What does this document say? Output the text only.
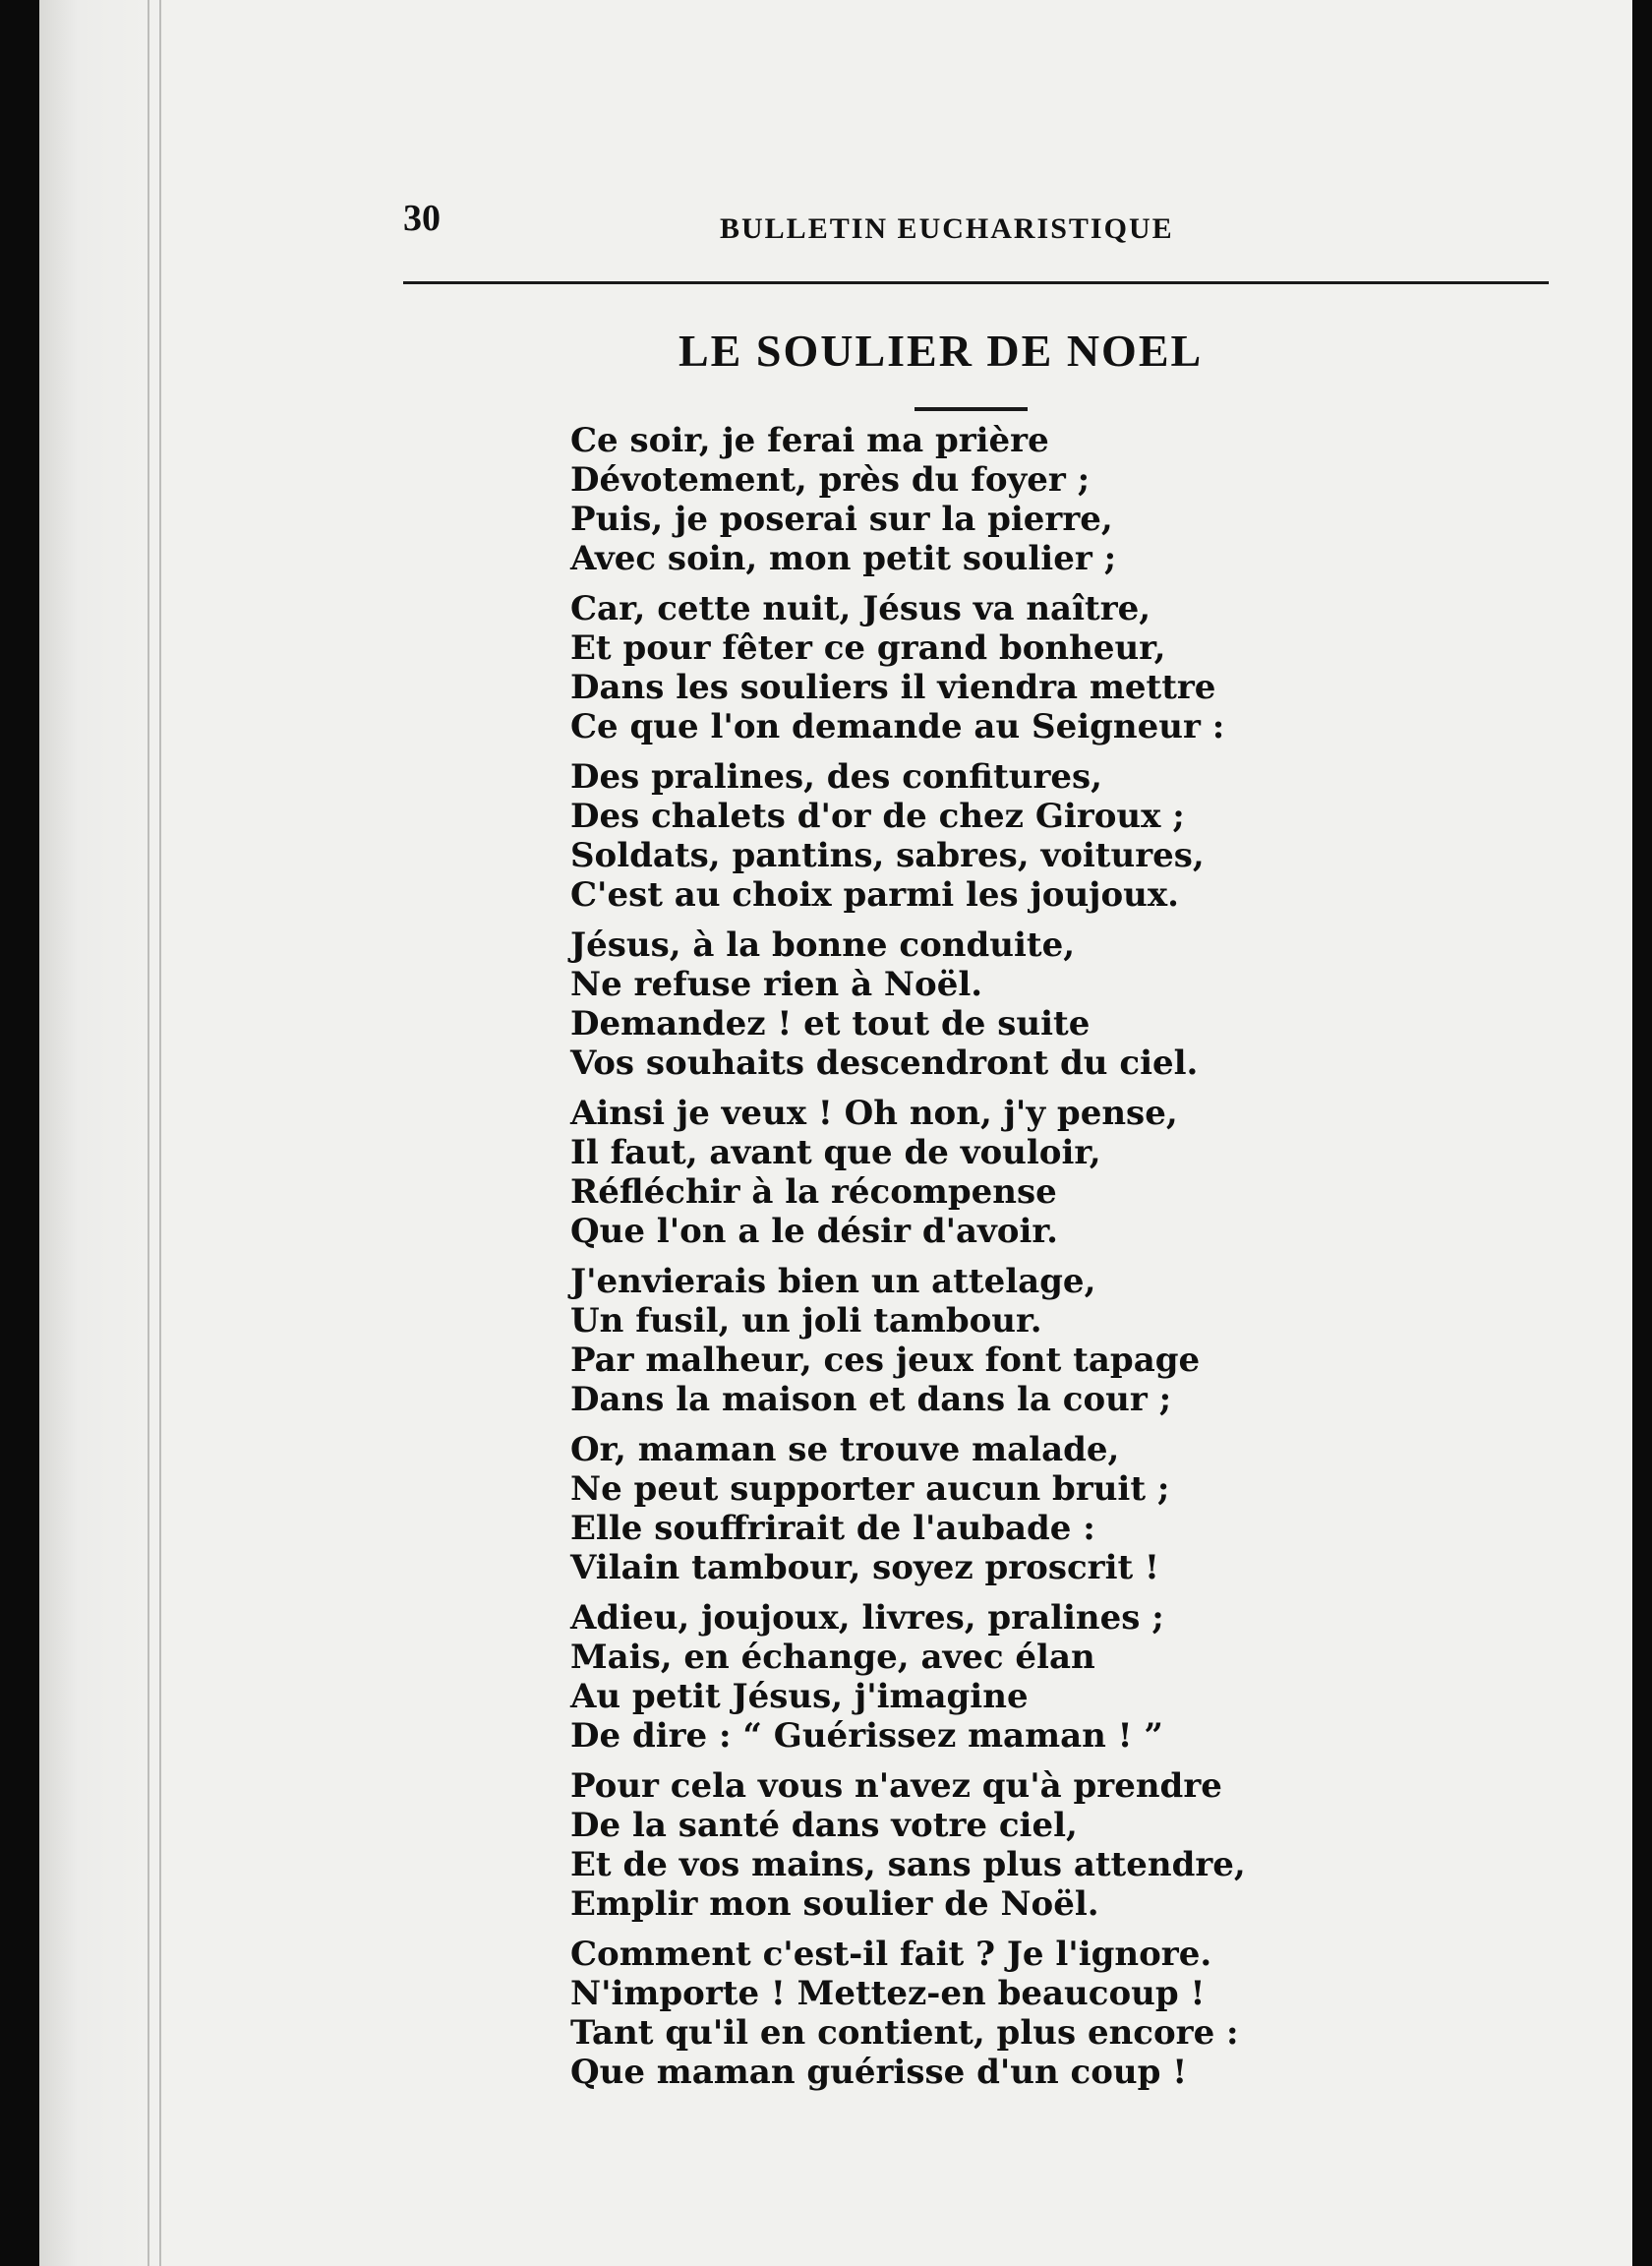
30	BULLETIN EUCHARISTIQUE
LE SOULIER DE NOEL
Ce soir, je ferai ma prière
Dévotement, près du foyer ;
Puis, je poserai sur la pierre,
Avec soin, mon petit soulier ;
Car, cette nuit, Jésus va naître,
Et pour fêter ce grand bonheur,
Dans les souliers il viendra mettre
Ce que l'on demande au Seigneur :
Des pralines, des confitures,
Des chalets d'or de chez Giroux ;
Soldats, pantins, sabres, voitures,
C'est au choix parmi les joujoux.
Jésus, à la bonne conduite,
Ne refuse rien à Noël.
Demandez ! et tout de suite
Vos souhaits descendront du ciel.
Ainsi je veux ! Oh non, j'y pense,
Il faut, avant que de vouloir,
Réfléchir à la récompense
Que l'on a le désir d'avoir.
J'envierais bien un attelage,
Un fusil, un joli tambour.
Par malheur, ces jeux font tapage
Dans la maison et dans la cour ;
Or, maman se trouve malade,
Ne peut supporter aucun bruit ;
Elle souffrirait de l'aubade :
Vilain tambour, soyez proscrit !
Adieu, joujoux, livres, pralines ;
Mais, en échange, avec élan
Au petit Jésus, j'imagine
De dire : “ Guérissez maman ! ”
Pour cela vous n'avez qu'à prendre
De la santé dans votre ciel,
Et de vos mains, sans plus attendre,
Emplir mon soulier de Noël.
Comment c'est-il fait ? Je l'ignore.
N'importe ! Mettez-en beaucoup !
Tant qu'il en contient, plus encore :
Que maman guérisse d'un coup !
